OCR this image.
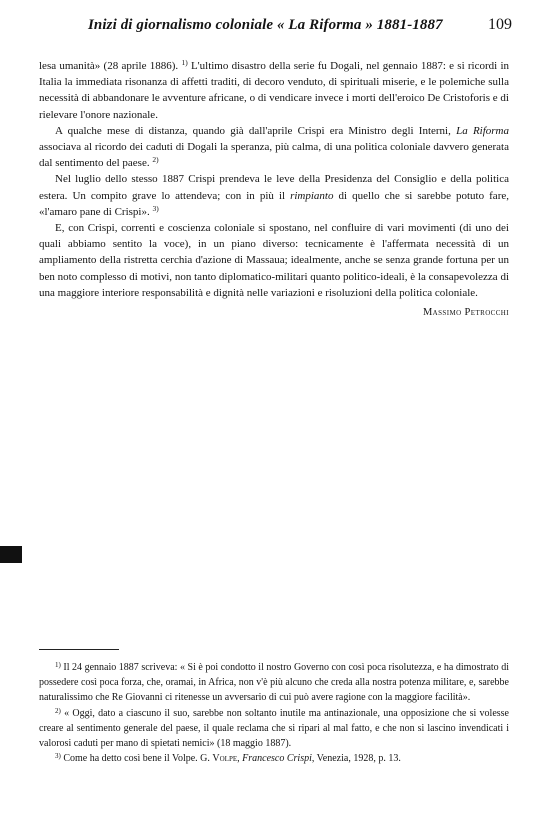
Inizi di giornalismo coloniale « La Riforma » 1881-1887	109

lesa umanità» (28 aprile 1886). $^{1)}$ L'ultimo disastro della serie fu Dogali, nel gennaio 1887: e si ricordi in Italia la immediata risonanza di affetti traditi, di decoro venduto, di spirituali miserie, e le polemiche sulla necessità di abbandonare le avventure africane, o di vendicare invece i morti dell'eroico De Cristoforis e di rielevare l'onore nazionale.

A qualche mese di distanza, quando già dall'aprile Crispi era Ministro degli Interni, La Riforma associava al ricordo dei caduti di Dogali la speranza, più calma, di una politica coloniale davvero generata dal sentimento del paese. $^{2)}$

Nel luglio dello stesso 1887 Crispi prendeva le leve della Presidenza del Consiglio e della politica estera. Un compito grave lo attendeva; con in più il rimpianto di quello che si sarebbe potuto fare, «l'amaro pane di Crispi». $^{3)}$

E, con Crispi, correnti e coscienza coloniale si spostano, nel confluire di vari movimenti (di uno dei quali abbiamo sentito la voce), in un piano diverso: tecnicamente è l'affermata necessità di un ampliamento della ristretta cerchia d'azione di Massaua; idealmente, anche se senza grande fortuna per un ben noto complesso di motivi, non tanto diplomatico-militari quanto politico-ideali, è la consapevolezza di una maggiore interiore responsabilità e dignità nelle variazioni e risoluzioni della politica coloniale.

Massimo Petrocchi

$^{1)}$ Il 24 gennaio 1887 scriveva: « Si è poi condotto il nostro Governo con così poca risolutezza, e ha dimostrato di possedere così poca forza, che, oramai, in Africa, non v'è più alcuno che creda alla nostra potenza militare, e, sarebbe naturalissimo che Re Giovanni ci ritenesse un avversario di cui può avere ragione con la maggiore facilità».

$^{2)}$ « Oggi, dato a ciascuno il suo, sarebbe non soltanto inutile ma antinazionale, una opposizione che si volesse creare al sentimento generale del paese, il quale reclama che si ripari al mal fatto, e che non si lascino invendicati i valorosi caduti per mano di spietati nemici» (18 maggio 1887).

$^{3)}$ Come ha detto così bene il Volpe. G. Volpe, Francesco Crispi, Venezia, 1928, p. 13.
